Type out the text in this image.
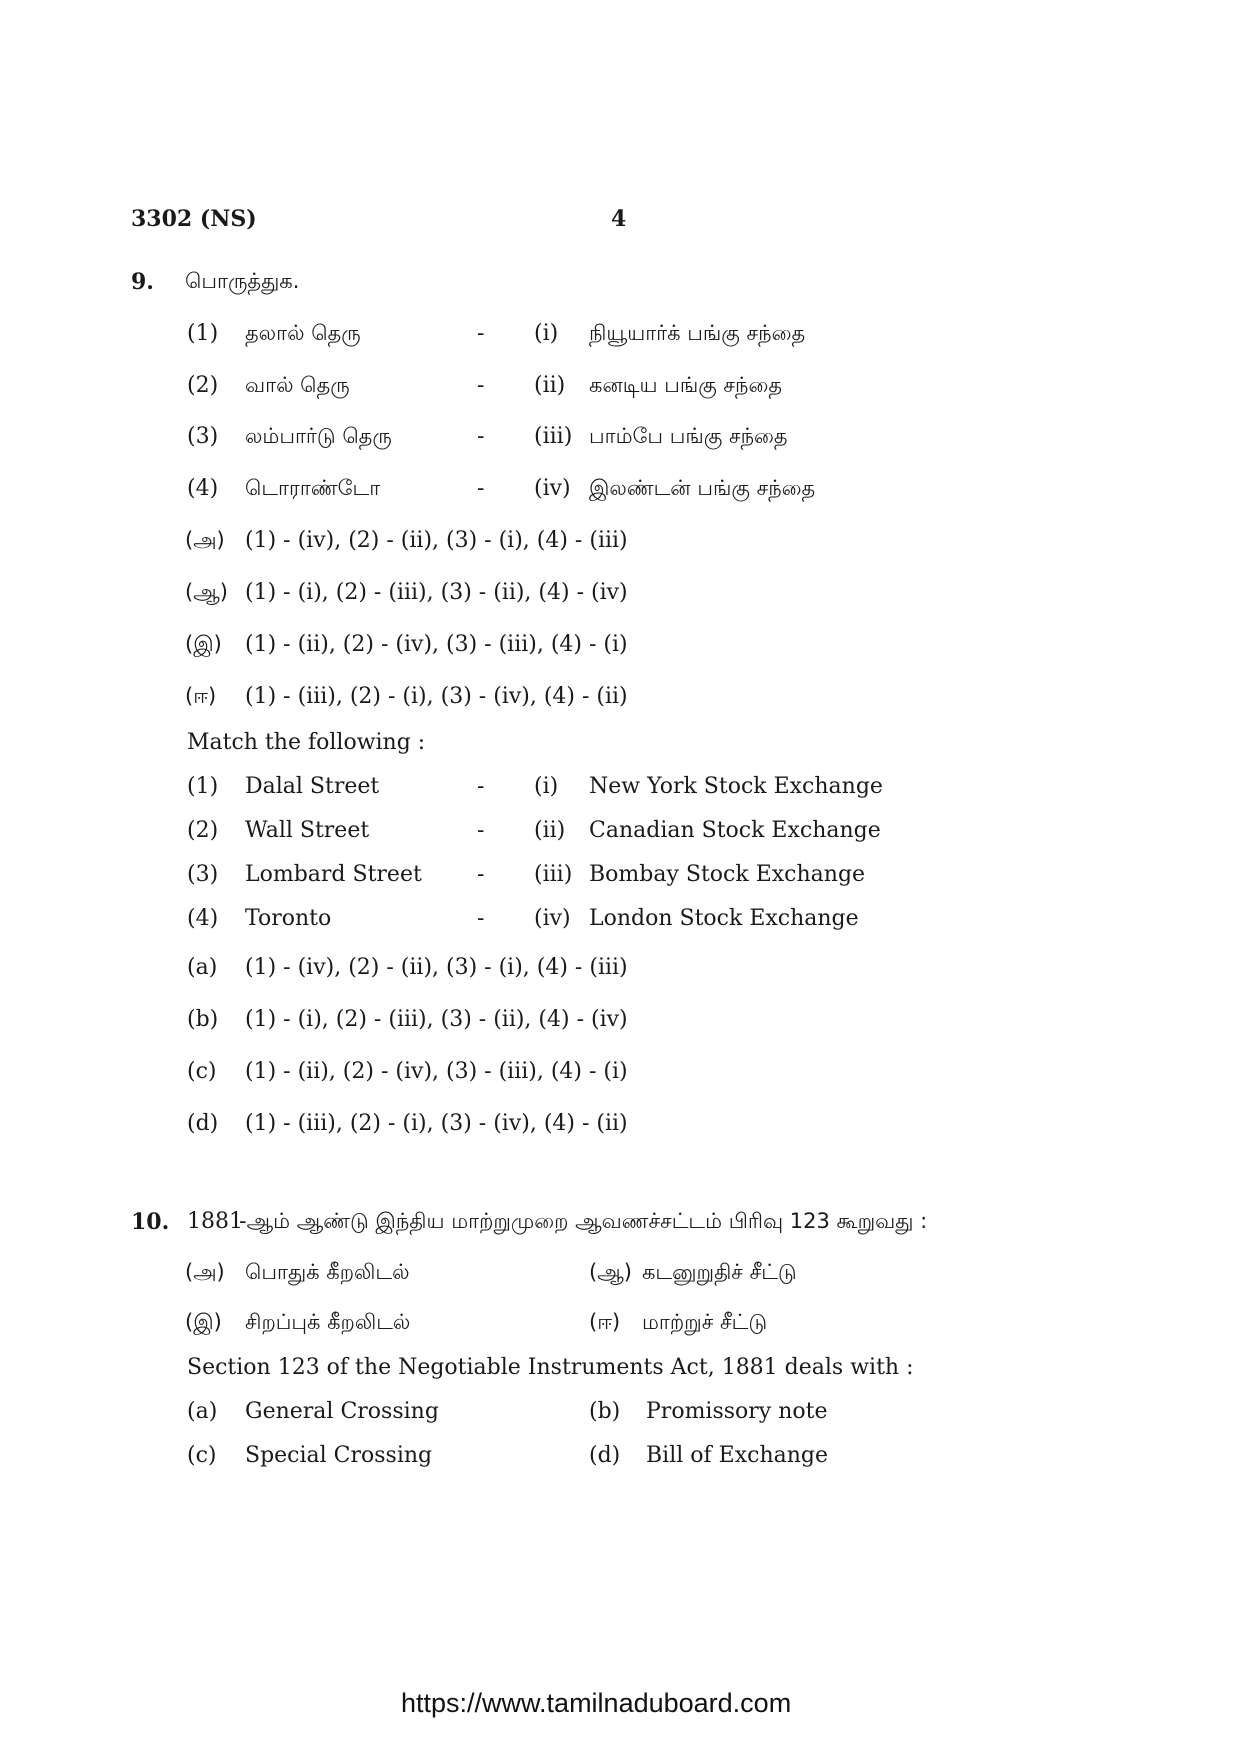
3302 (NS)	4
9. பொருத்துக.
(1) தலால் தெரு	- (i) நியூயார்க் பங்கு சந்தை
(2) வால் தெரு	- (ii) கனடிய பங்கு சந்தை
(3) லம்பார்டு தெரு	- (iii) பாம்பே பங்கு சந்தை
(4) டொராண்டோ	- (iv) இலண்டன் பங்கு சந்தை
(அ) (1) - (iv), (2) - (ii), (3) - (i), (4) - (iii)
(ஆ) (1) - (i), (2) - (iii), (3) - (ii), (4) - (iv)
(இ) (1) - (ii), (2) - (iv), (3) - (iii), (4) - (i)
(ஈ) (1) - (iii), (2) - (i), (3) - (iv), (4) - (ii)
Match the following :
(1) Dalal Street	- (i) New York Stock Exchange
(2) Wall Street	- (ii) Canadian Stock Exchange
(3) Lombard Street	- (iii) Bombay Stock Exchange
(4) Toronto	- (iv) London Stock Exchange
(a) (1) - (iv), (2) - (ii), (3) - (i), (4) - (iii)
(b) (1) - (i), (2) - (iii), (3) - (ii), (4) - (iv)
(c) (1) - (ii), (2) - (iv), (3) - (iii), (4) - (i)
(d) (1) - (iii), (2) - (i), (3) - (iv), (4) - (ii)
10. 1881
-ஆம் ஆண்டு இந்திய மாற்றுமுறை ஆவணச்சட்டம் பிரிவு 123 கூறுவது :
(அ) பொதுக் கீறலிடல்	(ஆ) கடனுறுதிச் சீட்டு
(இ) சிறப்புக் கீறலிடல்	(ஈ) மாற்றுச் சீட்டு
Section 123 of the Negotiable Instruments Act, 1881 deals with :
(a) General Crossing	(b) Promissory note
(c) Special Crossing	(d) Bill of Exchange
https://www.tamilnaduboard.com
